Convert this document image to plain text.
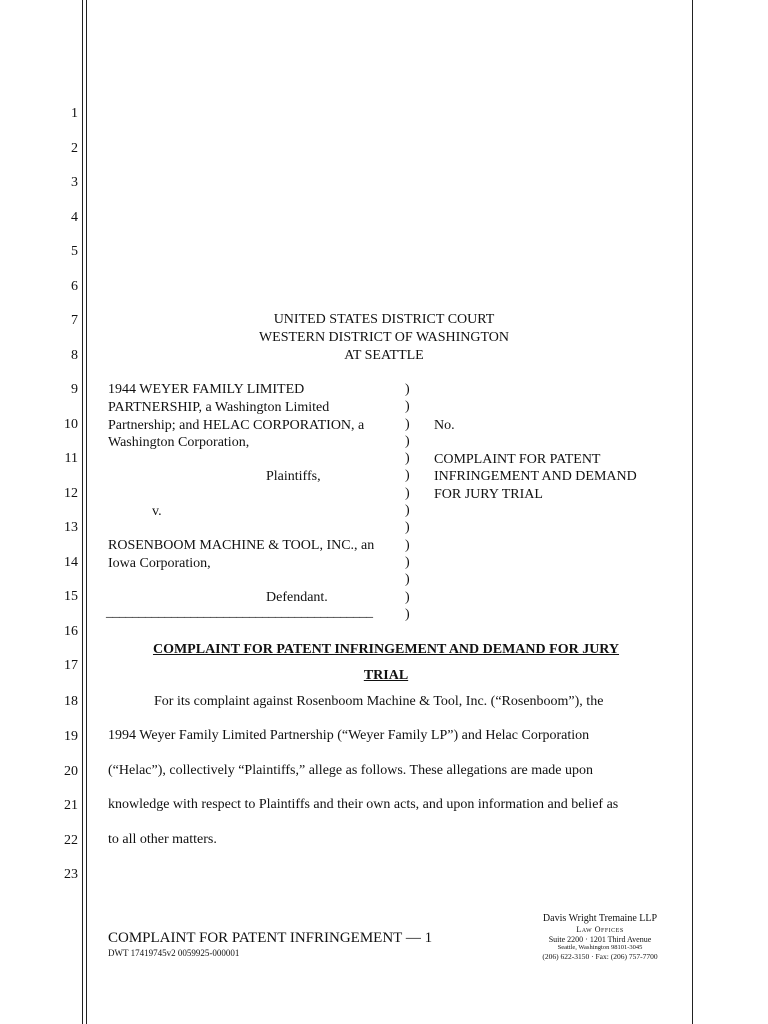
1
2
3
4
5
6
7
8
9
10
11
12
13
14
15
16
17
18
19
20
21
22
23
UNITED STATES DISTRICT COURT
WESTERN DISTRICT OF WASHINGTON
AT SEATTLE
1944 WEYER FAMILY LIMITED
PARTNERSHIP, a Washington Limited
Partnership; and HELAC CORPORATION, a
Washington Corporation,
Plaintiffs,
v.
ROSENBOOM MACHINE & TOOL, INC., an
Iowa Corporation,
Defendant.
_________________________________________
)
)
)
)
)
)
)
)
)
)
)
)
)
)
No.
COMPLAINT FOR PATENT
INFRINGEMENT AND DEMAND
FOR JURY TRIAL
COMPLAINT FOR PATENT INFRINGEMENT AND DEMAND FOR JURY
TRIAL
For its complaint against Rosenboom Machine & Tool, Inc. (“Rosenboom”), the
1994 Weyer Family Limited Partnership (“Weyer Family LP”) and Helac Corporation
(“Helac”), collectively “Plaintiffs,” allege as follows. These allegations are made upon
knowledge with respect to Plaintiffs and their own acts, and upon information and belief as
to all other matters.
COMPLAINT FOR PATENT INFRINGEMENT — 1
DWT 17419745v2 0059925-000001
Davis Wright Tremaine LLP
Law Offices
Suite 2200 · 1201 Third Avenue
Seattle, Washington 98101-3045
(206) 622-3150 · Fax: (206) 757-7700
